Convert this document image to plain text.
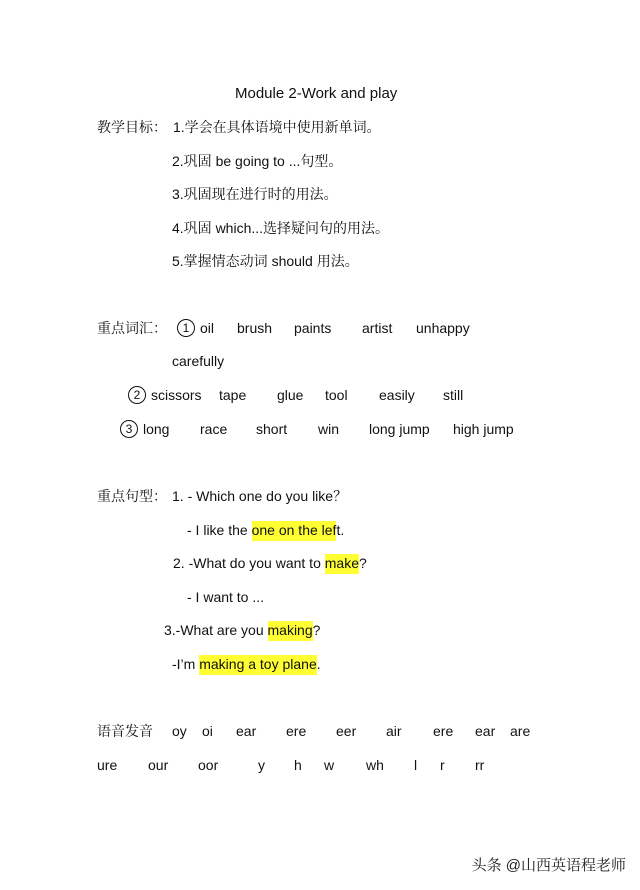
Module 2-Work and play
教学目标： 1.学会在具体语境中使用新单词。
2.巩固 be going to ...句型。
3.巩固现在进行时的用法。
4.巩固 which...选择疑问句的用法。
5.掌握情态动词 should 用法。
重点词汇：	1 oil brush paints artist unhappy
carefully
2 scissors tape glue tool easily still
3 long race short win long jump high jump
重点句型： 1. - Which one do you like？
- I like the one on the left.
2. -What do you want to make?
- I want to ...
3.-What are you making?
-I’m making a toy plane.
语音发音 oy oi ear ere eer air ere ear are
ure our oor	y h w wh l r rr
头条 @山西英语程老师
